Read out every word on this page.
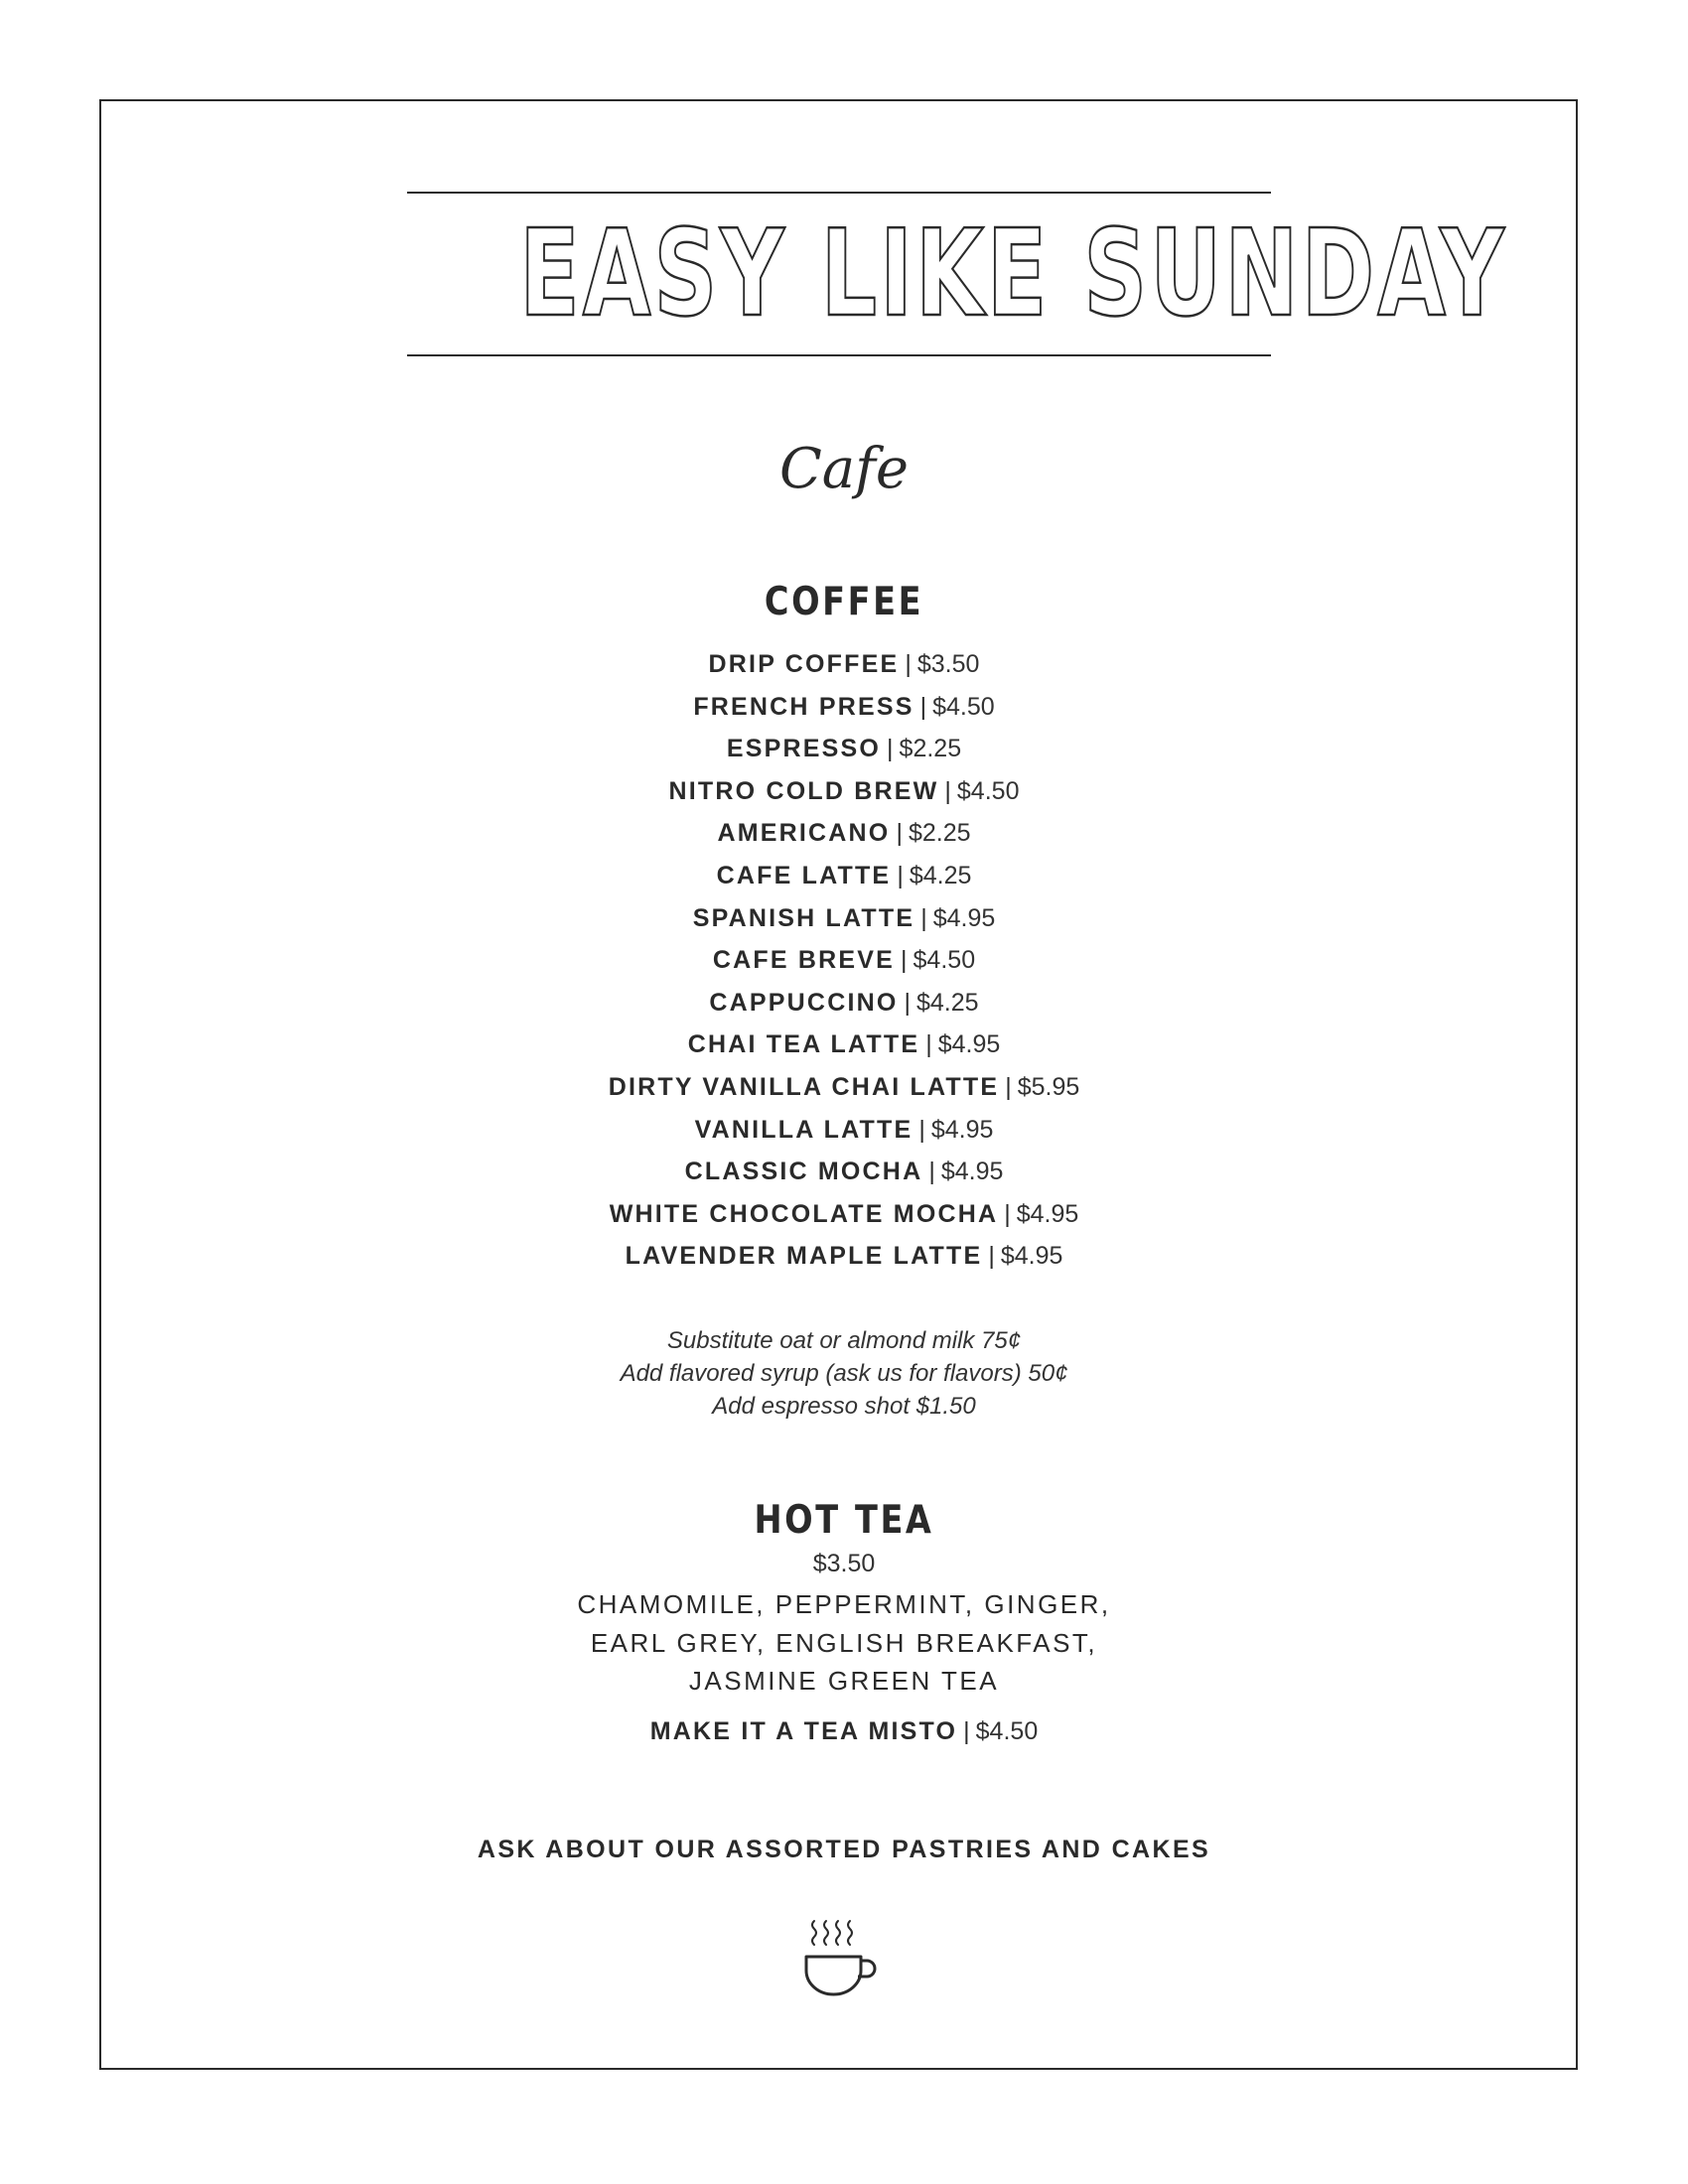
EASY LIKE SUNDAY
Cafe
COFFEE
DRIP COFFEE | $3.50
FRENCH PRESS | $4.50
ESPRESSO | $2.25
NITRO COLD BREW | $4.50
AMERICANO | $2.25
CAFE LATTE | $4.25
SPANISH LATTE | $4.95
CAFE BREVE | $4.50
CAPPUCCINO | $4.25
CHAI TEA LATTE | $4.95
DIRTY VANILLA CHAI LATTE | $5.95
VANILLA LATTE | $4.95
CLASSIC MOCHA | $4.95
WHITE CHOCOLATE MOCHA | $4.95
LAVENDER MAPLE LATTE | $4.95
Substitute oat or almond milk 75¢
Add flavored syrup (ask us for flavors) 50¢
Add espresso shot $1.50
HOT TEA
$3.50
CHAMOMILE, PEPPERMINT, GINGER,
EARL GREY, ENGLISH BREAKFAST,
JASMINE GREEN TEA
MAKE IT A TEA MISTO | $4.50
ASK ABOUT OUR ASSORTED PASTRIES AND CAKES
